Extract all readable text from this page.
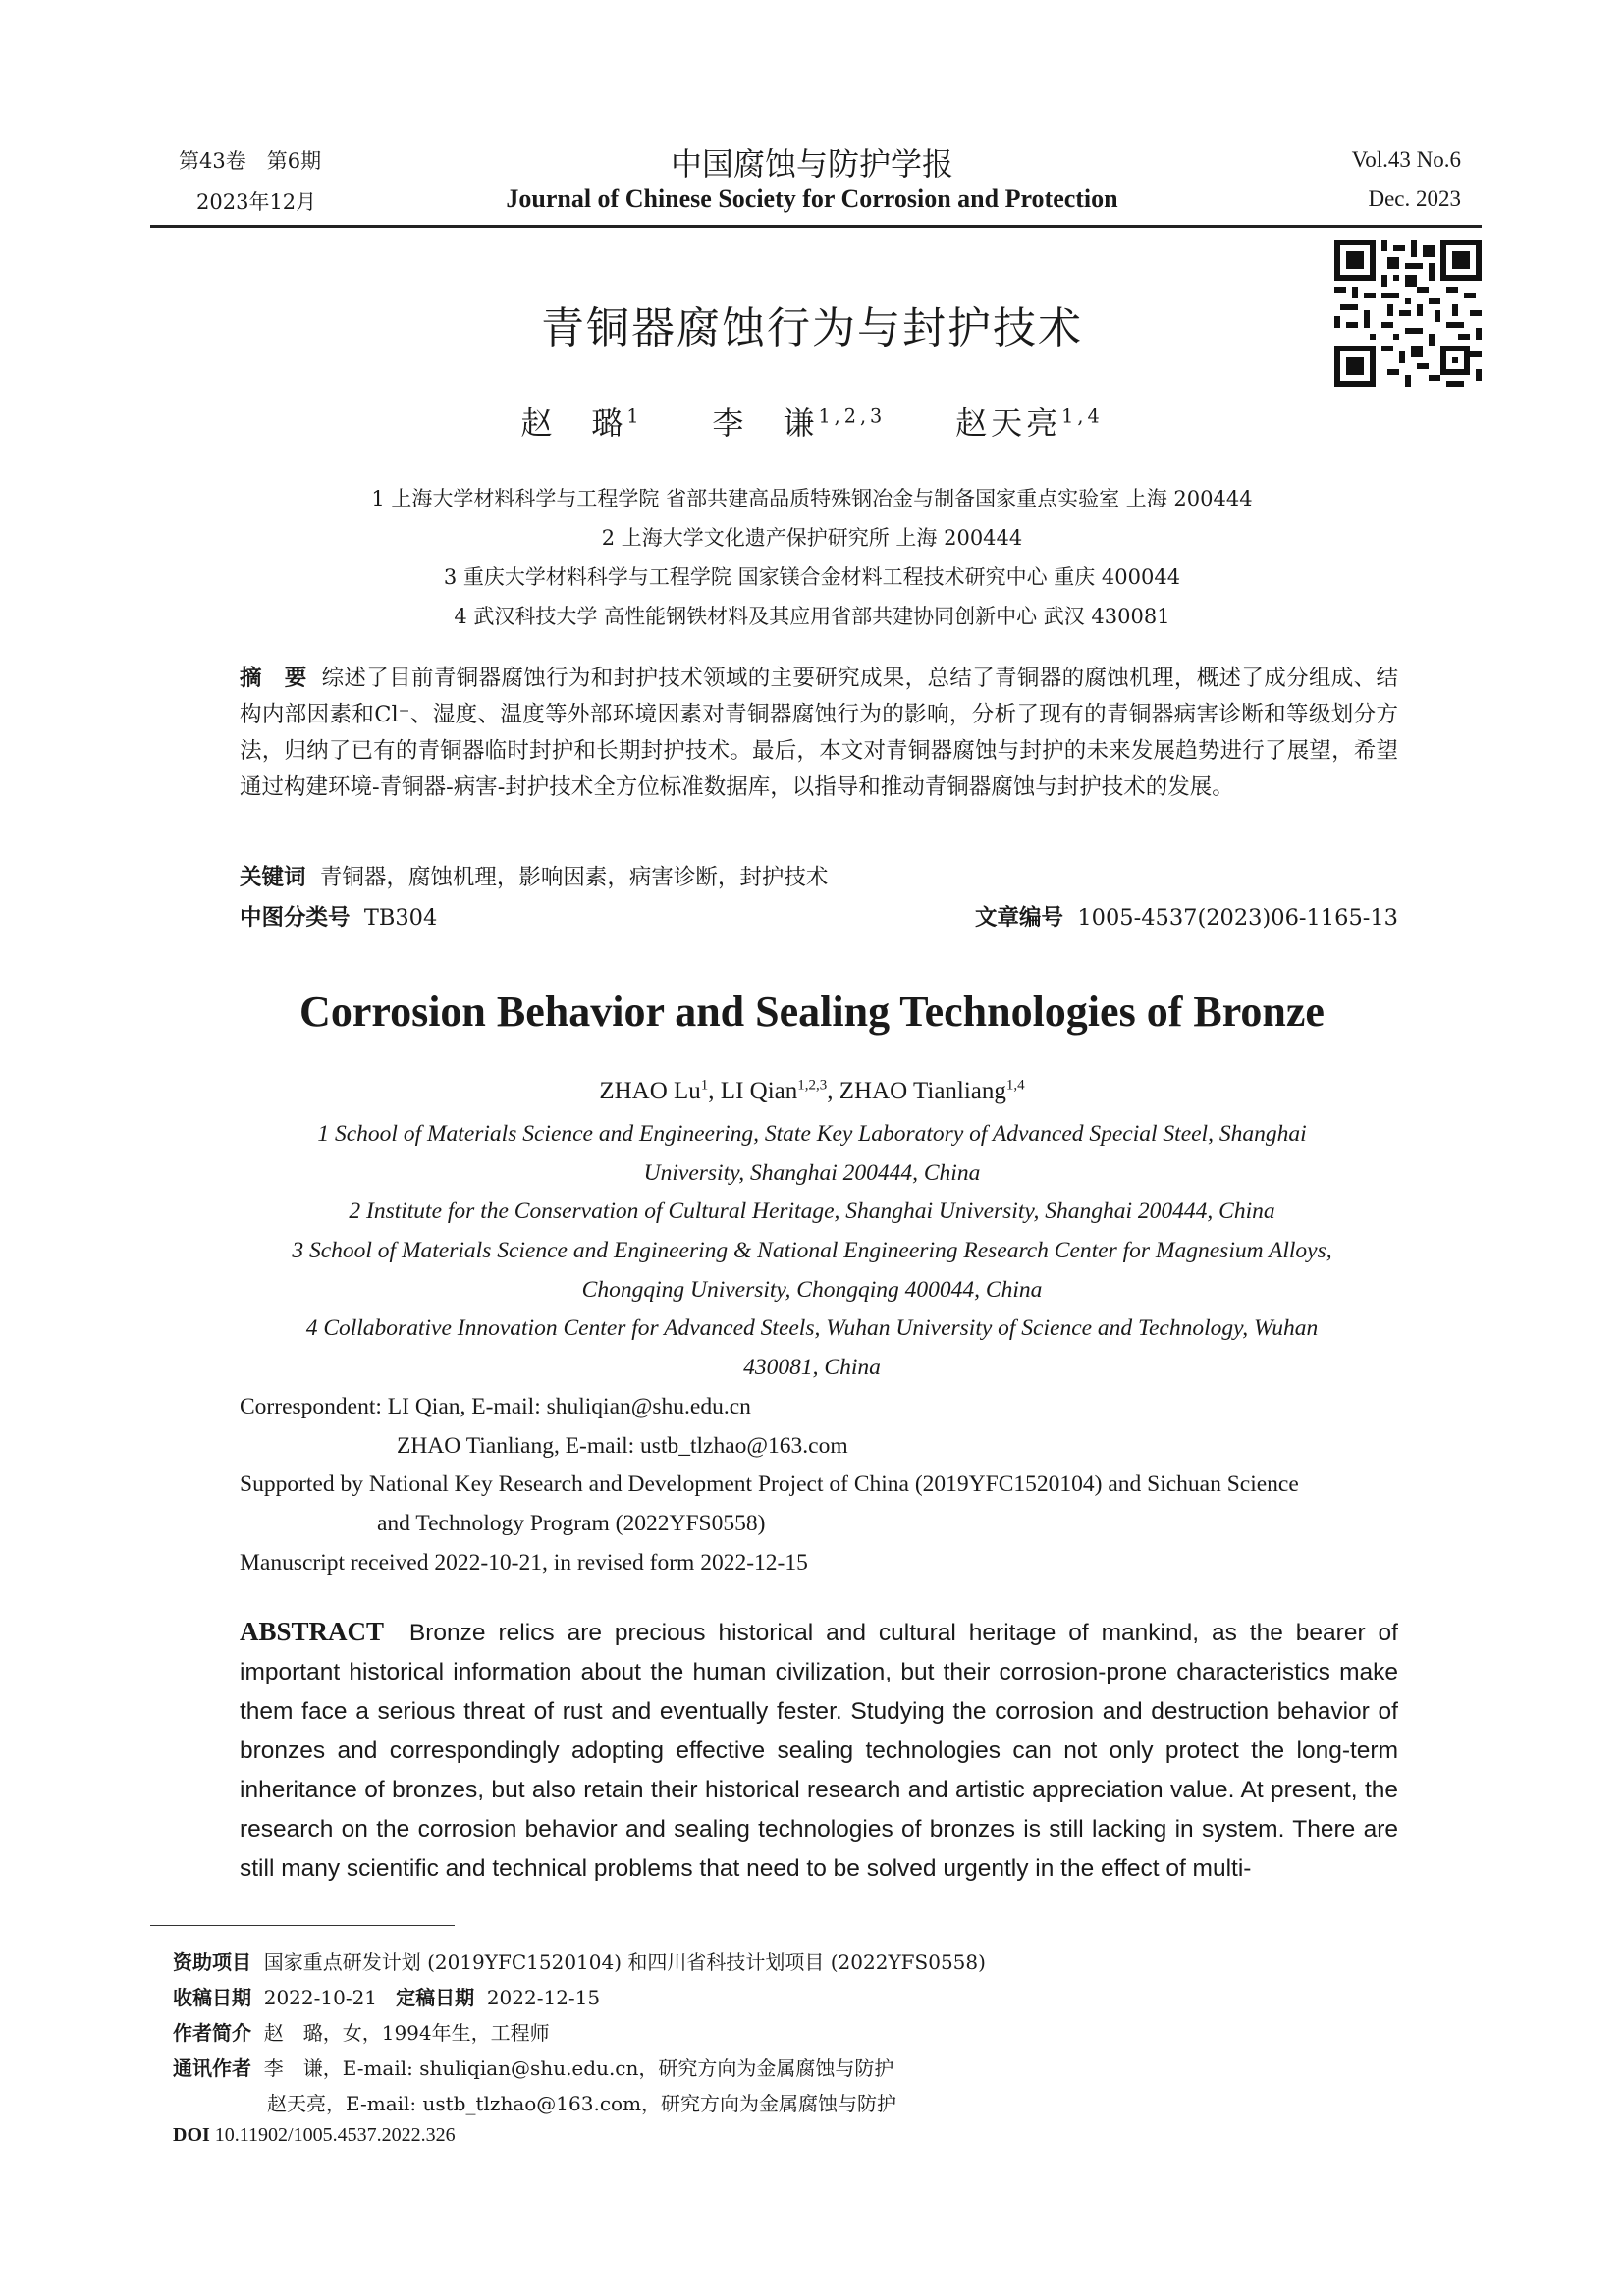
第43卷　第6期
2023年12月
中国腐蚀与防护学报
Journal of Chinese Society for Corrosion and Protection
Vol.43 No.6
Dec. 2023
青铜器腐蚀行为与封护技术
赵　璐$^1$ 李　谦$^{1,2,3}$ 赵天亮$^{1,4}$
1 上海大学材料科学与工程学院 省部共建高品质特殊钢冶金与制备国家重点实验室 上海 200444
2 上海大学文化遗产保护研究所 上海 200444
3 重庆大学材料科学与工程学院 国家镁合金材料工程技术研究中心 重庆 400044
4 武汉科技大学 高性能钢铁材料及其应用省部共建协同创新中心 武汉 430081
摘　要 综述了目前青铜器腐蚀行为和封护技术领域的主要研究成果，总结了青铜器的腐蚀机理，概述了成分组成、结构内部因素和Cl⁻、湿度、温度等外部环境因素对青铜器腐蚀行为的影响，分析了现有的青铜器病害诊断和等级划分方法，归纳了已有的青铜器临时封护和长期封护技术。最后，本文对青铜器腐蚀与封护的未来发展趋势进行了展望，希望通过构建环境-青铜器-病害-封护技术全方位标准数据库，以指导和推动青铜器腐蚀与封护技术的发展。
关键词 青铜器，腐蚀机理，影响因素，病害诊断，封护技术
中图分类号 TB304	文章编号 1005-4537(2023)06-1165-13
Corrosion Behavior and Sealing Technologies of Bronze
ZHAO Lu$^1$, LI Qian$^{1,2,3}$, ZHAO Tianliang$^{1,4}$
1 School of Materials Science and Engineering, State Key Laboratory of Advanced Special Steel, Shanghai
University, Shanghai 200444, China
2 Institute for the Conservation of Cultural Heritage, Shanghai University, Shanghai 200444, China
3 School of Materials Science and Engineering & National Engineering Research Center for Magnesium Alloys,
Chongqing University, Chongqing 400044, China
4 Collaborative Innovation Center for Advanced Steels, Wuhan University of Science and Technology, Wuhan
430081, China
Correspondent: LI Qian, E-mail: shuliqian@shu.edu.cn
ZHAO Tianliang, E-mail: ustb_tlzhao@163.com
Supported by National Key Research and Development Project of China (2019YFC1520104) and Sichuan Science
and Technology Program (2022YFS0558)
Manuscript received 2022-10-21, in revised form 2022-12-15
ABSTRACT Bronze relics are precious historical and cultural heritage of mankind, as the bearer of important historical information about the human civilization, but their corrosion-prone characteristics make them face a serious threat of rust and eventually fester. Studying the corrosion and destruction behavior of bronzes and correspondingly adopting effective sealing technologies can not only protect the long-term inheritance of bronzes, but also retain their historical research and artistic appreciation value. At present, the research on the corrosion behavior and sealing technologies of bronzes is still lacking in system. There are still many scientific and technical problems that need to be solved urgently in the effect of multi-
资助项目 国家重点研发计划 (2019YFC1520104) 和四川省科技计划项目 (2022YFS0558)
收稿日期 2022-10-21 定稿日期 2022-12-15
作者简介 赵　璐，女，1994年生，工程师
通讯作者 李　谦，E-mail: shuliqian@shu.edu.cn，研究方向为金属腐蚀与防护
赵天亮，E-mail: ustb_tlzhao@163.com，研究方向为金属腐蚀与防护
DOI 10.11902/1005.4537.2022.326
